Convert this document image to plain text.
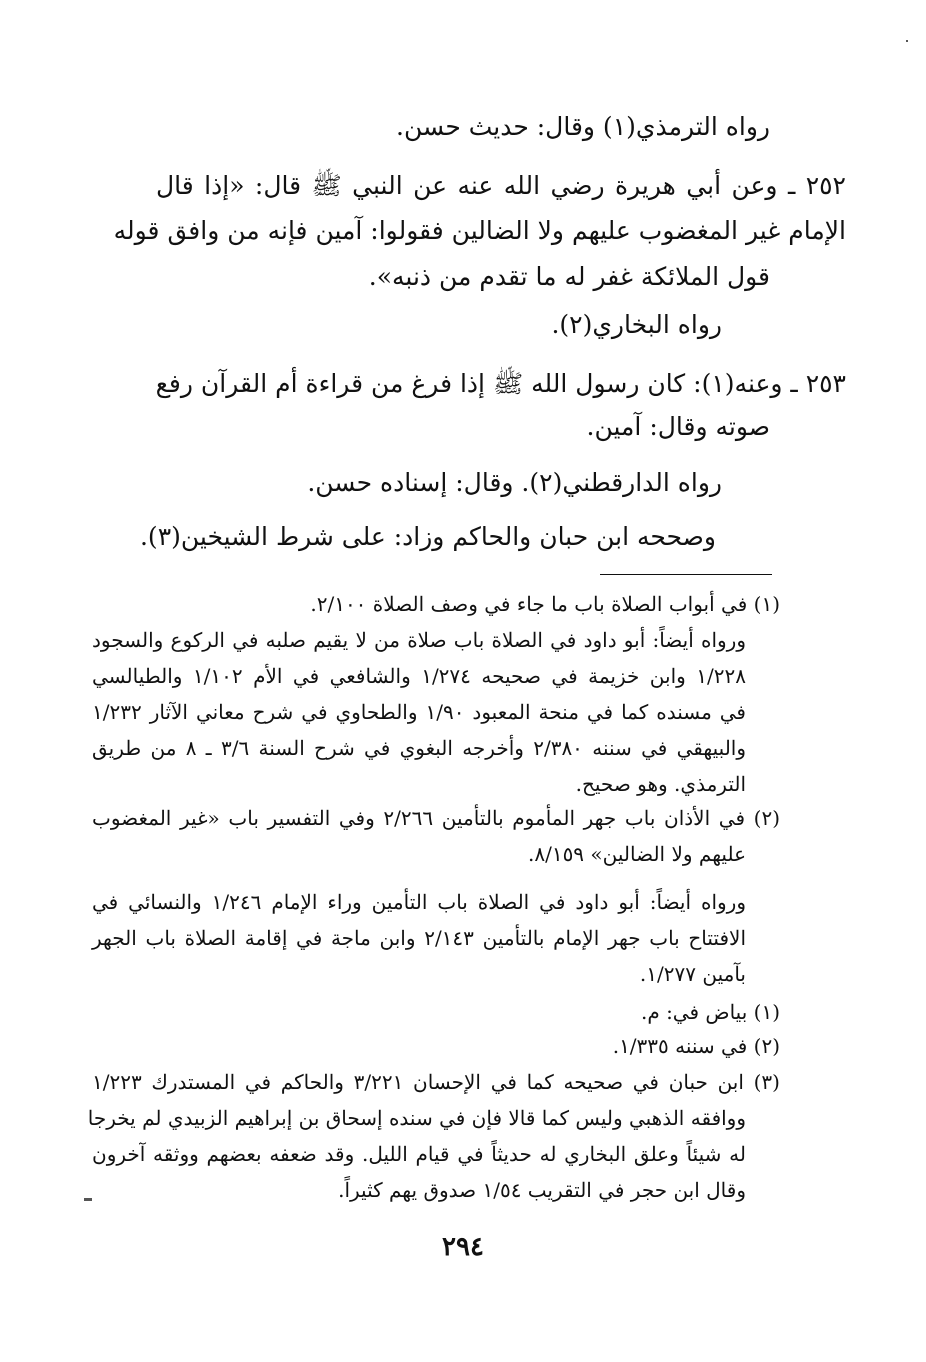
رواه الترمذي(١) وقال: حديث حسن.
٢٥٢ ـ وعن أبي هريرة رضي الله عنه عن النبي ﷺ قال: «إذا قال
الإمام غير المغضوب عليهم ولا الضالين فقولوا: آمين فإنه من وافق قوله
قول الملائكة غفر له ما تقدم من ذنبه».
رواه البخاري(٢).
٢٥٣ ـ وعنه(١): كان رسول الله ﷺ إذا فرغ من قراءة أم القرآن رفع
صوته وقال: آمين.
رواه الدارقطني(٢). وقال: إسناده حسن.
وصححه ابن حبان والحاكم وزاد: على شرط الشيخين(٣).
(١) في أبواب الصلاة باب ما جاء في وصف الصلاة ٢/١٠٠.
ورواه أيضاً: أبو داود في الصلاة باب صلاة من لا يقيم صلبه في الركوع والسجود
١/٢٢٨ وابن خزيمة في صحيحه ١/٢٧٤ والشافعي في الأم ١/١٠٢ والطيالسي
في مسنده كما في منحة المعبود ١/٩٠ والطحاوي في شرح معاني الآثار ١/٢٣٢
والبيهقي في سننه ٢/٣٨٠ وأخرجه البغوي في شرح السنة ٣/٦ ـ ٨ من طريق
الترمذي. وهو صحيح.
(٢) في الأذان باب جهر المأموم بالتأمين ٢/٢٦٦ وفي التفسير باب «غير المغضوب
عليهم ولا الضالين» ٨/١٥٩.
ورواه أيضاً: أبو داود في الصلاة باب التأمين وراء الإمام ١/٢٤٦ والنسائي في
الافتتاح باب جهر الإمام بالتأمين ٢/١٤٣ وابن ماجة في إقامة الصلاة باب الجهر
بآمين ١/٢٧٧.
(١) بياض في: م.
(٢) في سننه ١/٣٣٥.
(٣) ابن حبان في صحيحه كما في الإحسان ٣/٢٢١ والحاكم في المستدرك ١/٢٢٣
ووافقه الذهبي وليس كما قالا فإن في سنده إسحاق بن إبراهيم الزبيدي لم يخرجا
له شيئاً وعلق البخاري له حديثاً في قيام الليل. وقد ضعفه بعضهم ووثقه آخرون
وقال ابن حجر في التقريب ١/٥٤ صدوق يهم كثيراً.
٢٩٤
